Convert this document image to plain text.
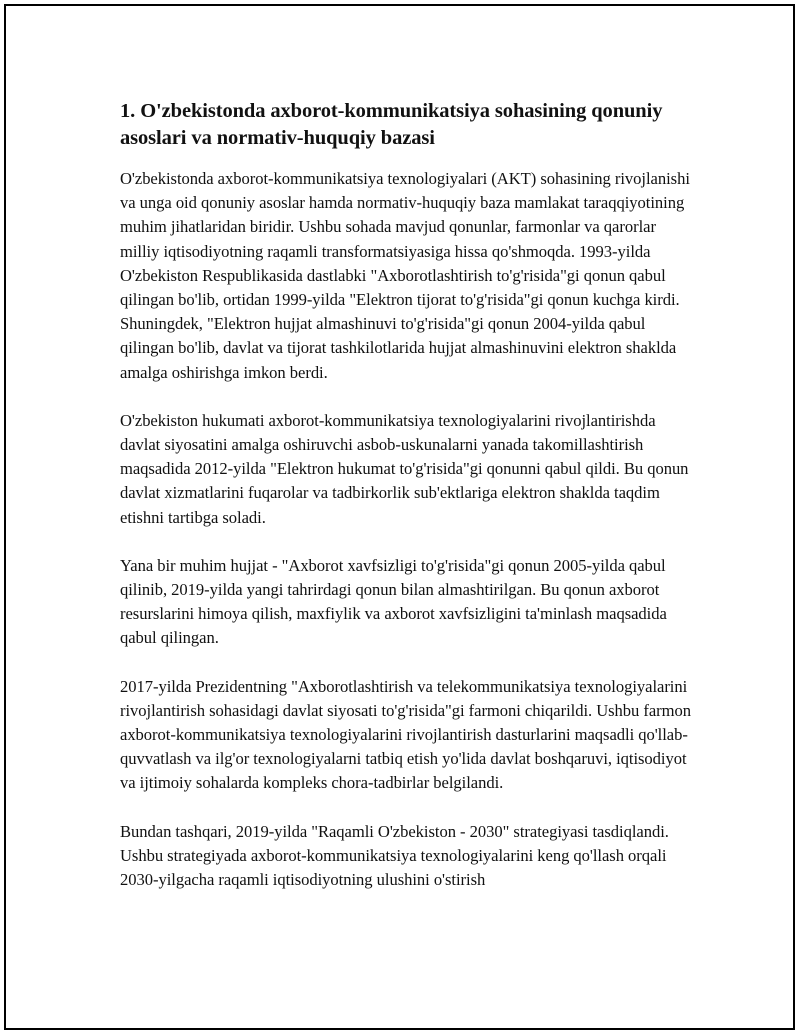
1. O'zbekistonda axborot-kommunikatsiya sohasining qonuniy asoslari va normativ-huquqiy bazasi

O'zbekistonda axborot-kommunikatsiya texnologiyalari (AKT) sohasining rivojlanishi va unga oid qonuniy asoslar hamda normativ-huquqiy baza mamlakat taraqqiyotining muhim jihatlaridan biridir. Ushbu sohada mavjud qonunlar, farmonlar va qarorlar milliy iqtisodiyotning raqamli transformatsiyasiga hissa qo'shmoqda. 1993-yilda O'zbekiston Respublikasida dastlabki "Axborotlashtirish to'g'risida"gi qonun qabul qilingan bo'lib, ortidan 1999-yilda "Elektron tijorat to'g'risida"gi qonun kuchga kirdi. Shuningdek, "Elektron hujjat almashinuvi to'g'risida"gi qonun 2004-yilda qabul qilingan bo'lib, davlat va tijorat tashkilotlarida hujjat almashinuvini elektron shaklda amalga oshirishga imkon berdi.

O'zbekiston hukumati axborot-kommunikatsiya texnologiyalarini rivojlantirishda davlat siyosatini amalga oshiruvchi asbob-uskunalarni yanada takomillashtirish maqsadida 2012-yilda "Elektron hukumat to'g'risida"gi qonunni qabul qildi. Bu qonun davlat xizmatlarini fuqarolar va tadbirkorlik sub'ektlariga elektron shaklda taqdim etishni tartibga soladi.

Yana bir muhim hujjat - "Axborot xavfsizligi to'g'risida"gi qonun 2005-yilda qabul qilinib, 2019-yilda yangi tahrirdagi qonun bilan almashtirilgan. Bu qonun axborot resurslarini himoya qilish, maxfiylik va axborot xavfsizligini ta'minlash maqsadida qabul qilingan.

2017-yilda Prezidentning "Axborotlashtirish va telekommunikatsiya texnologiyalarini rivojlantirish sohasidagi davlat siyosati to'g'risida"gi farmoni chiqarildi. Ushbu farmon axborot-kommunikatsiya texnologiyalarini rivojlantirish dasturlarini maqsadli qo'llab-quvvatlash va ilg'or texnologiyalarni tatbiq etish yo'lida davlat boshqaruvi, iqtisodiyot va ijtimoiy sohalarda kompleks chora-tadbirlar belgilandi.

Bundan tashqari, 2019-yilda "Raqamli O'zbekiston - 2030" strategiyasi tasdiqlandi. Ushbu strategiyada axborot-kommunikatsiya texnologiyalarini keng qo'llash orqali 2030-yilgacha raqamli iqtisodiyotning ulushini o'stirish
